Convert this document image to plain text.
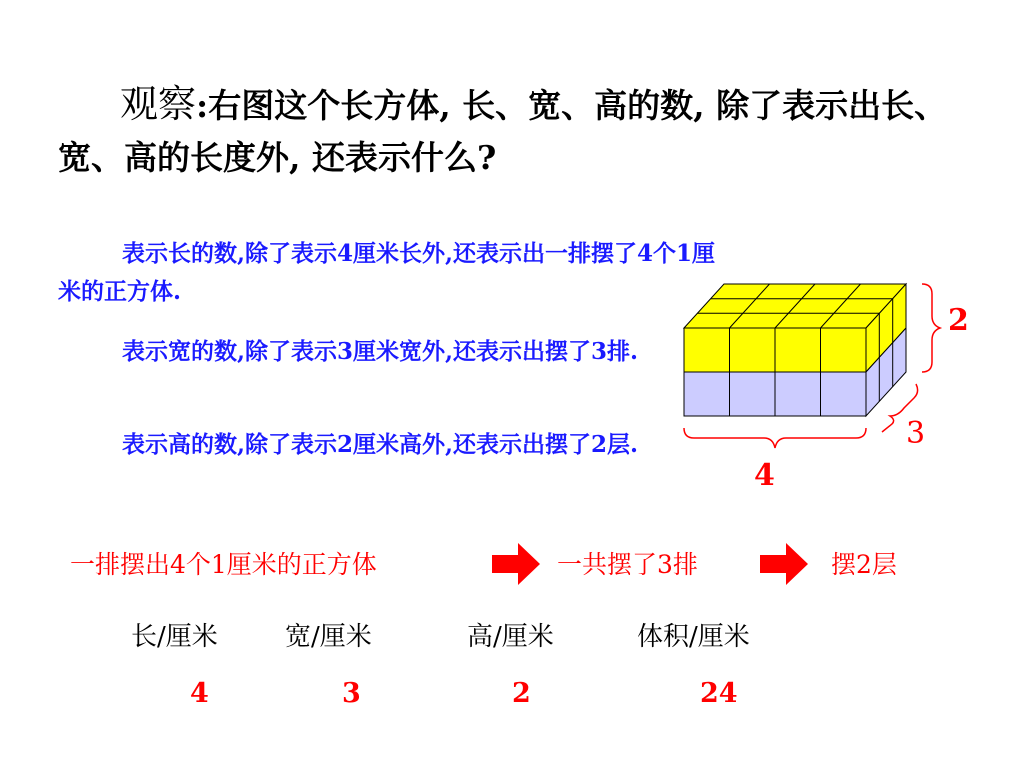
观察:右图这个长方体, 长、宽、高的数, 除了表示出长、宽、高的长度外, 还表示什么?
表示长的数,除了表示4厘米长外,还表示出一排摆了4个1厘米的正方体.
表示宽的数,除了表示3厘米宽外,还表示出摆了3排.
表示高的数,除了表示2厘米高外,还表示出摆了2层.
2
3
4
一排摆出4个1厘米的正方体	一共摆了3排	摆2层
长/厘米	宽/厘米	高/厘米	体积/厘米
4	3	2	24
